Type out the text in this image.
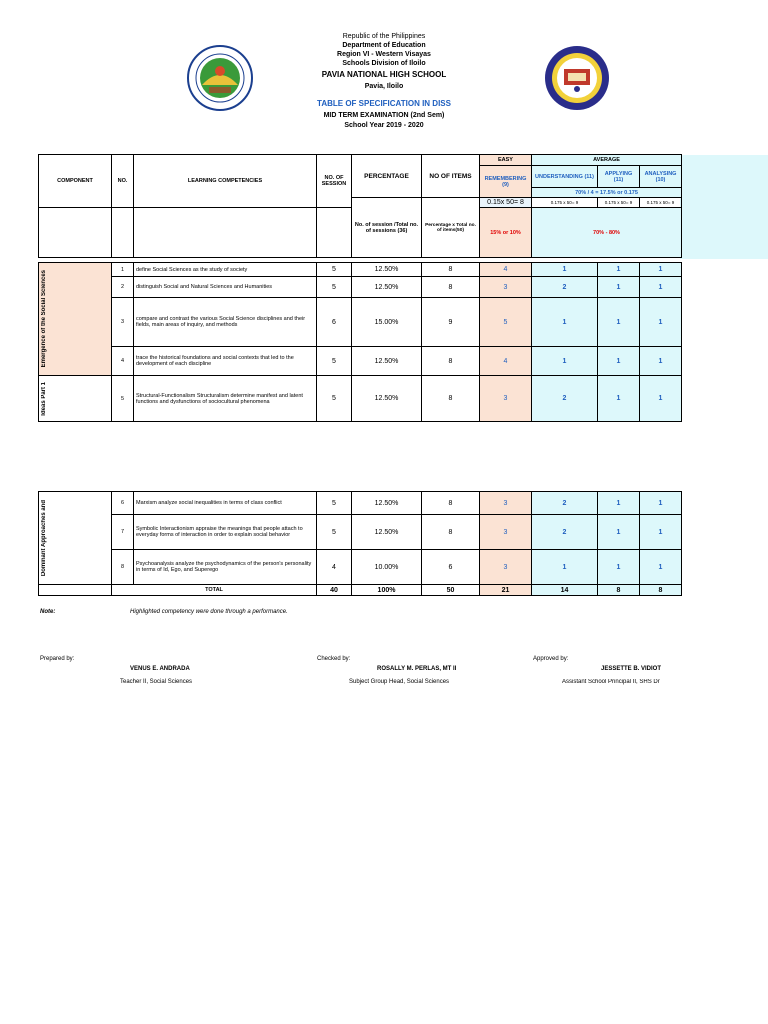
Republic of the Philippines
Department of Education
Region VI - Western Visayas
Schools Division of Iloilo
PAVIA NATIONAL HIGH SCHOOL
Pavia, Iloilo
TABLE OF SPECIFICATION IN DISS
MID TERM EXAMINATION (2nd Sem)
School Year 2019 - 2020
COMPONENT	NO.	LEARNING COMPETENCIES	NO. OF SESSION	PERCENTAGE	NO OF ITEMS	EASY	AVERAGE		
						REMEMBERING (9)	UNDERSTANDING (11)	APPLYING (11)	ANALYSING (10)
							70% / 4 = 17.5% or 0.175		
				No. of session /Total no. of sessions (36)	Percentage x Total no. of items(50)	0.15x 50= 8	0.175 x 50= 9	0.175 x 50= 9	0.175 x 50= 9
						15% or 10%	70% - 80%		
Emergence of the Social Sciences	1	define Social Sciences as the study of society	5	12.50%	8	4	1	1	1
	2	distinguish Social and Natural Sciences and Humanities	5	12.50%	8	3	2	1	1
	3	compare and contrast the various Social Science disciplines and their fields, main areas of inquiry, and methods	6	15.00%	9	5	1	1	1
	4	trace the historical foundations and social contexts that led to the development of each discipline	5	12.50%	8	4	1	1	1

Ideas Part 1	5	Structural-Functionalism Structuralism determine manifest and latent functions and dysfunctions of sociocultural phenomena	5	12.50%	8	3	2	1	1
Dominant Approaches and	6	Marxism analyze social inequalities in terms of class conflict	5	12.50%	8	3	2	1	1
	7	Symbolic Interactionism appraise the meanings that people attach to everyday forms of interaction in order to explain social behavior	5	12.50%	8	3	2	1	1
	8	Psychoanalysis analyze the psychodynamics of the person's personality in terms of Id, Ego, and Superego	4	10.00%	6	3	1	1	1
	TOTAL		40	100%	50	21	14	8	8
Note:	Highlighted competency were done through a performance.
Prepared by:
VENUS E. ANDRADA
Teacher II, Social Sciences
Checked by:
ROSALLY M. PERLAS, MT II
Subject Group Head, Social Sciences
Approved by:
JESSETTE B. VIDIOT
Assistant School Principal II, SHS Dr
